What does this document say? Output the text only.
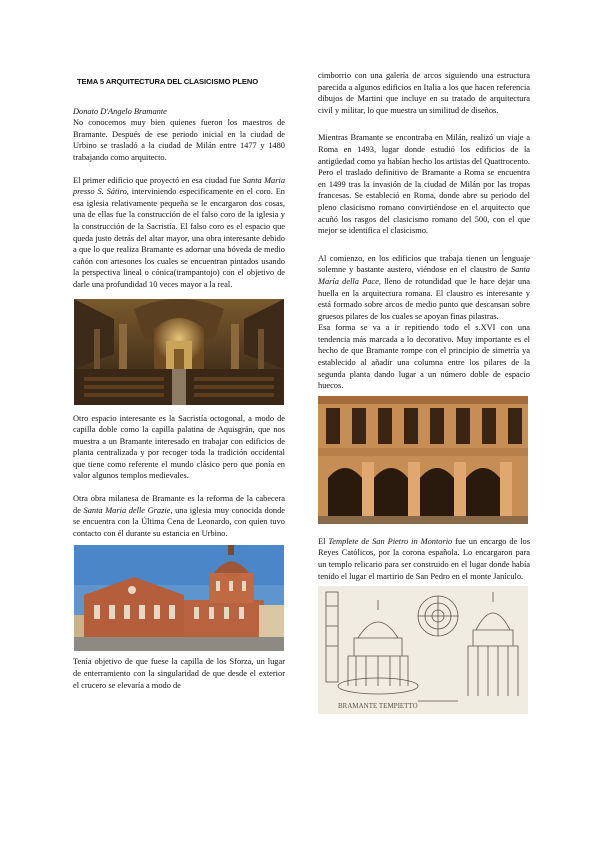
TEMA 5 ARQUITECTURA DEL CLASICISMO PLENO

Donato D'Angelo Bramante

No conocemos muy bien quienes fueron los maestros de Bramante. Después de ese periodo inicial en la ciudad de Urbino se trasladó a la ciudad de Milán entre 1477 y 1480 trabajando como arquitecto.

El primer edificio que proyectó en esa ciudad fue Santa Maria presso S. Sátiro, interviniendo especificamente en el coro. En esa iglesia relativamente pequeña se le encargaron dos cosas, una de ellas fue la construcción de el falso coro de la iglesia y la construcción de la Sacristía. El falso coro es el espacio que queda justo detrás del altar mayor, una obra interesante debido a que lo que realiza Bramante es adornar una bóveda de medio cañón con artesones los cuales se encuentran pintados usando la perspectiva lineal o cónica(trampantojo) con el objetivo de darle una profundidad 10 veces mayor a la real.

Otro espacio interesante es la Sacristía octogonal, a modo de capilla doble como la capilla palatina de Aquisgrán, que nos muestra a un Bramante interesado en trabajar con edificios de planta centralizada y por recoger toda la tradición occidental que tiene como referente el mundo clásico pero que ponía en valor algunos templos medievales.

Otra obra milanesa de Bramante es la reforma de la cabecera de Santa Maria delle Grazie, una iglesia muy conocida donde se encuentra con la Última Cena de Leonardo, con quien tuvo contacto con él durante su estancia en Urbino.

Tenía objetivo de que fuese la capilla de los Sforza, un lugar de enterramiento con la singularidad de que desde el exterior el crucero se elevaría a modo de

cimborrio con una galería de arcos siguiendo una estructura parecida a algunos edificios en Italia a los que hacen referencia dibujos de Martini que incluye en su tratado de arquitectura civil y militar, lo que muestra un similitud de diseños.

Mientras Bramante se encontraba en Milán, realizó un viaje a Roma en 1493, lugar donde estudió los edificios de la antigüedad como ya habían hecho los artistas del Quattrocento. Pero el traslado definitivo de Bramante a Roma se encuentra en 1499 tras la invasión de la ciudad de Milán por las tropas francesas. Se estableció en Roma, donde abre su periodo del pleno clasicismo romano convirtiéndose en el arquitecto que acuñó los rasgos del clasicismo romano del 500, con el que mejor se identifica el clasicismo.

Al comienzo, en los edificios que trabaja tienen un lenguaje solemne y bastante austero, viéndose en el claustro de Santa María della Pace, lleno de rotundidad que le hace dejar una huella en la arquitectura romana. El claustro es interesante y está formado sobre arcos de medio punto que descansan sobre gruesos pilares de los cuales se apoyan finas pilastras.

Esa forma se va a ir repitiendo todo el s.XVI con una tendencia más marcada a lo decorativo. Muy importante es el hecho de que Bramante rompe con el principio de simetría ya establecido al añadir una columna entre los pilares de la segunda planta dando lugar a un número doble de espacio huecos.

El Templete de San Pietro in Montorio fue un encargo de los Reyes Católicos, por la corona española. Lo encargaron para un templo relicario para ser construido en el lugar donde había tenido el lugar el martirio de San Pedro en el monte Janículo.

BRAMANTE TEMPIETTO
